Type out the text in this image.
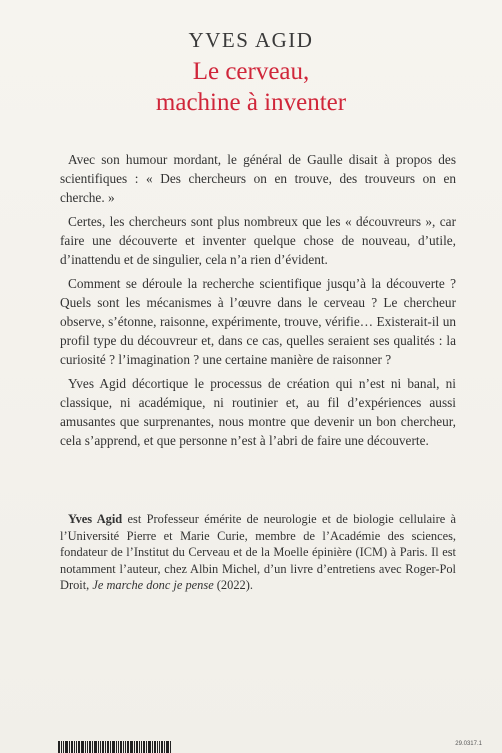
YVES AGID
Le cerveau,
machine à inventer

Avec son humour mordant, le général de Gaulle disait à propos des scientifiques : « Des chercheurs on en trouve, des trouveurs on en cherche. »

Certes, les chercheurs sont plus nombreux que les « découvreurs », car faire une découverte et inventer quelque chose de nouveau, d’utile, d’inattendu et de singulier, cela n’a rien d’évident.

Comment se déroule la recherche scientifique jusqu’à la découverte ? Quels sont les mécanismes à l’œuvre dans le cerveau ? Le chercheur observe, s’étonne, raisonne, expérimente, trouve, vérifie… Existerait-il un profil type du découvreur et, dans ce cas, quelles seraient ses qualités : la curiosité ? l’imagination ? une certaine manière de raisonner ?

Yves Agid décortique le processus de création qui n’est ni banal, ni classique, ni académique, ni routinier et, au fil d’expériences aussi amusantes que surprenantes, nous montre que devenir un bon chercheur, cela s’apprend, et que personne n’est à l’abri de faire une découverte.

Yves Agid est Professeur émérite de neurologie et de biologie cellulaire à l’Université Pierre et Marie Curie, membre de l’Académie des sciences, fondateur de l’Institut du Cerveau et de la Moelle épinière (ICM) à Paris. Il est notamment l’auteur, chez Albin Michel, d’un livre d’entretiens avec Roger-Pol Droit, Je marche donc je pense (2022).
29.0317.1
